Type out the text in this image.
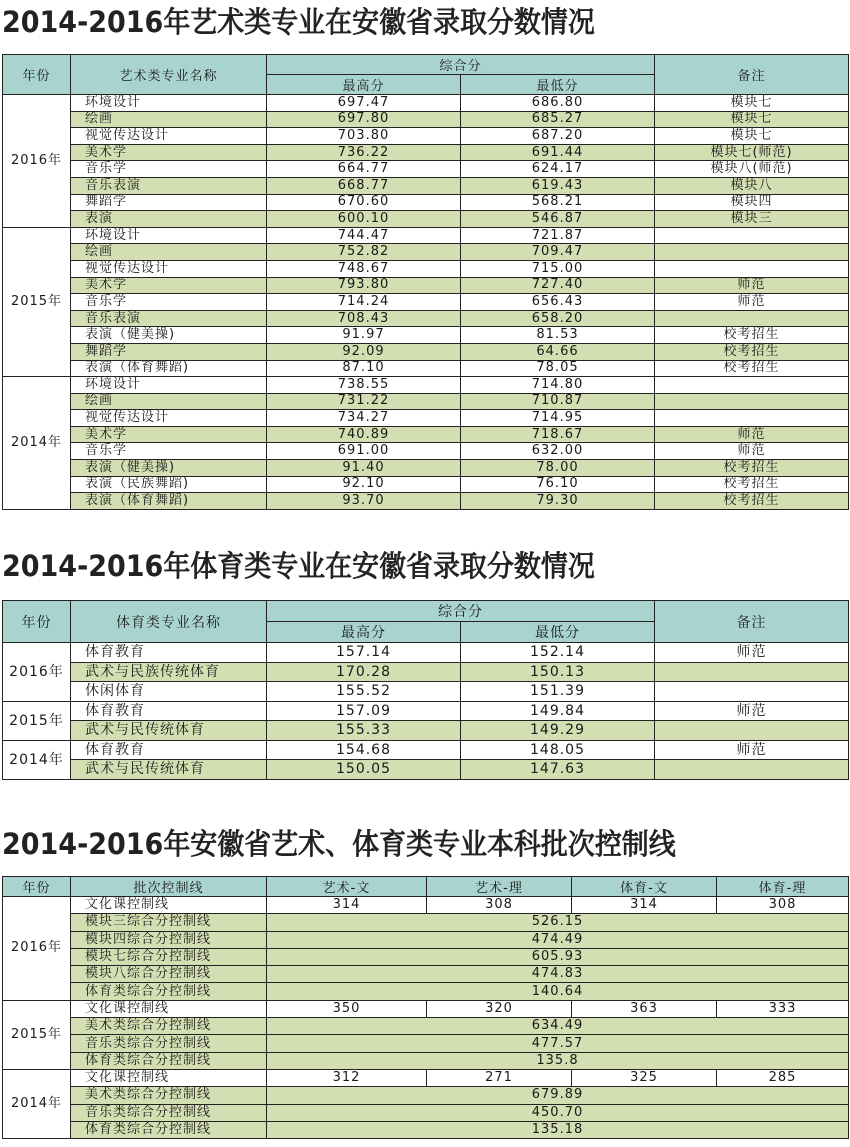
2014-2016年艺术类专业在安徽省录取分数情况
年份	艺术类专业名称	综合分		备注
		最高分	最低分	
2016年	环境设计	697.47	686.80	模块七
	绘画	697.80	685.27	模块七
	视觉传达设计	703.80	687.20	模块七
	美术学	736.22	691.44	模块七(师范)
	音乐学	664.77	624.17	模块八(师范)
	音乐表演	668.77	619.43	模块八
	舞蹈学	670.60	568.21	模块四
	表演	600.10	546.87	模块三
2015年	环境设计	744.47	721.87	
	绘画	752.82	709.47	
	视觉传达设计	748.67	715.00	
	美术学	793.80	727.40	师范
	音乐学	714.24	656.43	师范
	音乐表演	708.43	658.20	
	表演（健美操)	91.97	81.53	校考招生
	舞蹈学	92.09	64.66	校考招生
	表演（体育舞蹈)	87.10	78.05	校考招生
2014年	环境设计	738.55	714.80	
	绘画	731.22	710.87	
	视觉传达设计	734.27	714.95	
	美术学	740.89	718.67	师范
	音乐学	691.00	632.00	师范
	表演（健美操)	91.40	78.00	校考招生
	表演（民族舞蹈)	92.10	76.10	校考招生
	表演（体育舞蹈)	93.70	79.30	校考招生
2014-2016年体育类专业在安徽省录取分数情况
年份	体育类专业名称	综合分		备注
		最高分	最低分	
2016年	体育教育	157.14	152.14	师范
	武术与民族传统体育	170.28	150.13	
	休闲体育	155.52	151.39	
2015年	体育教育	157.09	149.84	师范
	武术与民传统体育	155.33	149.29	
2014年	体育教育	154.68	148.05	师范
	武术与民传统体育	150.05	147.63	
2014-2016年安徽省艺术、体育类专业本科批次控制线
年份	批次控制线	艺术-文	艺术-理	体育-文	体育-理
2016年	文化课控制线	314	308	314	308
	模块三综合分控制线	526.15			
	模块四综合分控制线	474.49			
	模块七综合分控制线	605.93			
	模块八综合分控制线	474.83			
	体育类综合分控制线	140.64			
2015年	文化课控制线	350	320	363	333
	美术类综合分控制线	634.49			
	音乐类综合分控制线	477.57			
	体育类综合分控制线	135.8			
2014年	文化课控制线	312	271	325	285
	美术类综合分控制线	679.89			
	音乐类综合分控制线	450.70			
	体育类综合分控制线	135.18			
